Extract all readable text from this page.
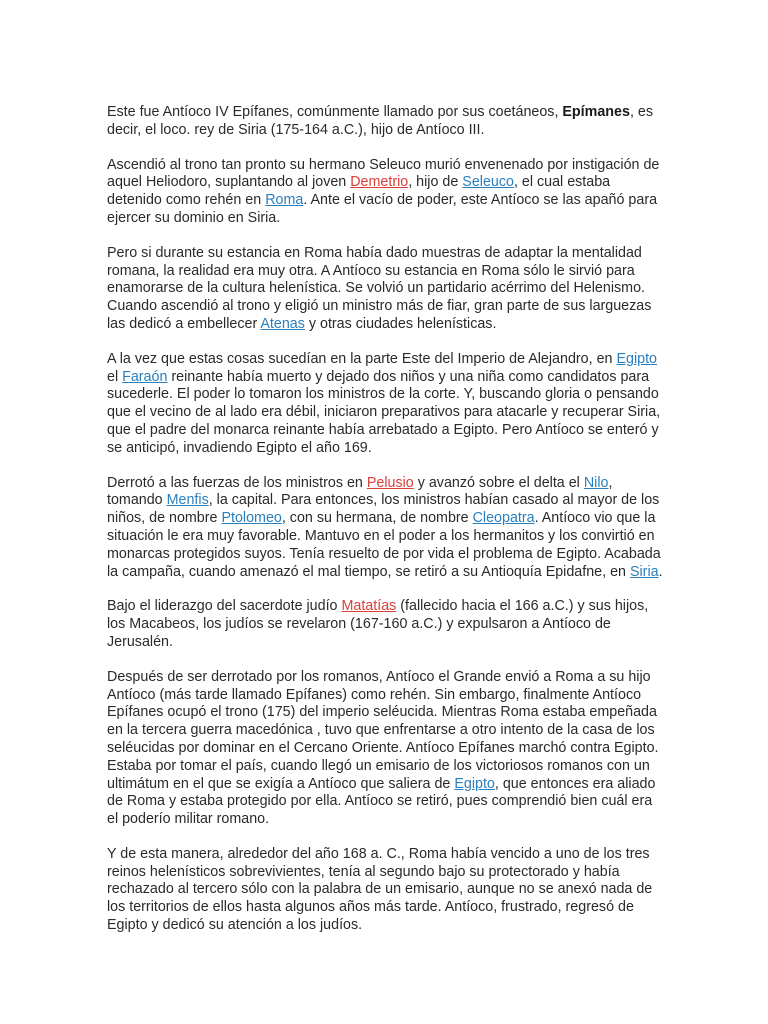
Este fue Antíoco IV Epífanes, comúnmente llamado por sus coetáneos, Epímanes, es decir, el loco. rey de Siria (175-164 a.C.), hijo de Antíoco III.

Ascendió al trono tan pronto su hermano Seleuco murió envenenado por instigación de aquel Heliodoro, suplantando al joven Demetrio, hijo de Seleuco, el cual estaba detenido como rehén en Roma. Ante el vacío de poder, este Antíoco se las apañó para ejercer su dominio en Siria.

Pero si durante su estancia en Roma había dado muestras de adaptar la mentalidad romana, la realidad era muy otra. A Antíoco su estancia en Roma sólo le sirvió para enamorarse de la cultura helenística. Se volvió un partidario acérrimo del Helenismo. Cuando ascendió al trono y eligió un ministro más de fiar, gran parte de sus larguezas las dedicó a embellecer Atenas y otras ciudades helenísticas.

A la vez que estas cosas sucedían en la parte Este del Imperio de Alejandro, en Egipto el Faraón reinante había muerto y dejado dos niños y una niña como candidatos para sucederle. El poder lo tomaron los ministros de la corte. Y, buscando gloria o pensando que el vecino de al lado era débil, iniciaron preparativos para atacarle y recuperar Siria, que el padre del monarca reinante había arrebatado a Egipto. Pero Antíoco se enteró y se anticipó, invadiendo Egipto el año 169.

Derrotó a las fuerzas de los ministros en Pelusio y avanzó sobre el delta el Nilo, tomando Menfis, la capital. Para entonces, los ministros habían casado al mayor de los niños, de nombre Ptolomeo, con su hermana, de nombre Cleopatra. Antíoco vio que la situación le era muy favorable. Mantuvo en el poder a los hermanitos y los convirtió en monarcas protegidos suyos. Tenía resuelto de por vida el problema de Egipto. Acabada la campaña, cuando amenazó el mal tiempo, se retiró a su Antioquía Epidafne, en Siria.

Bajo el liderazgo del sacerdote judío Matatías (fallecido hacia el 166 a.C.) y sus hijos, los Macabeos, los judíos se revelaron (167-160 a.C.) y expulsaron a Antíoco de Jerusalén.

Después de ser derrotado por los romanos, Antíoco el Grande envió a Roma a su hijo Antíoco (más tarde llamado Epífanes) como rehén. Sin embargo, finalmente Antíoco Epífanes ocupó el trono (175) del imperio seléucida. Mientras Roma estaba empeñada en la tercera guerra macedónica , tuvo que enfrentarse a otro intento de la casa de los seléucidas por dominar en el Cercano Oriente. Antíoco Epífanes marchó contra Egipto. Estaba por tomar el país, cuando llegó un emisario de los victoriosos romanos con un ultimátum en el que se exigía a Antíoco que saliera de Egipto, que entonces era aliado de Roma y estaba protegido por ella. Antíoco se retiró, pues comprendió bien cuál era el poderío militar romano.

Y de esta manera, alrededor del año 168 a. C., Roma había vencido a uno de los tres reinos helenísticos sobrevivientes, tenía al segundo bajo su protectorado y había rechazado al tercero sólo con la palabra de un emisario, aunque no se anexó nada de los territorios de ellos hasta algunos años más tarde. Antíoco, frustrado, regresó de Egipto y dedicó su atención a los judíos.
